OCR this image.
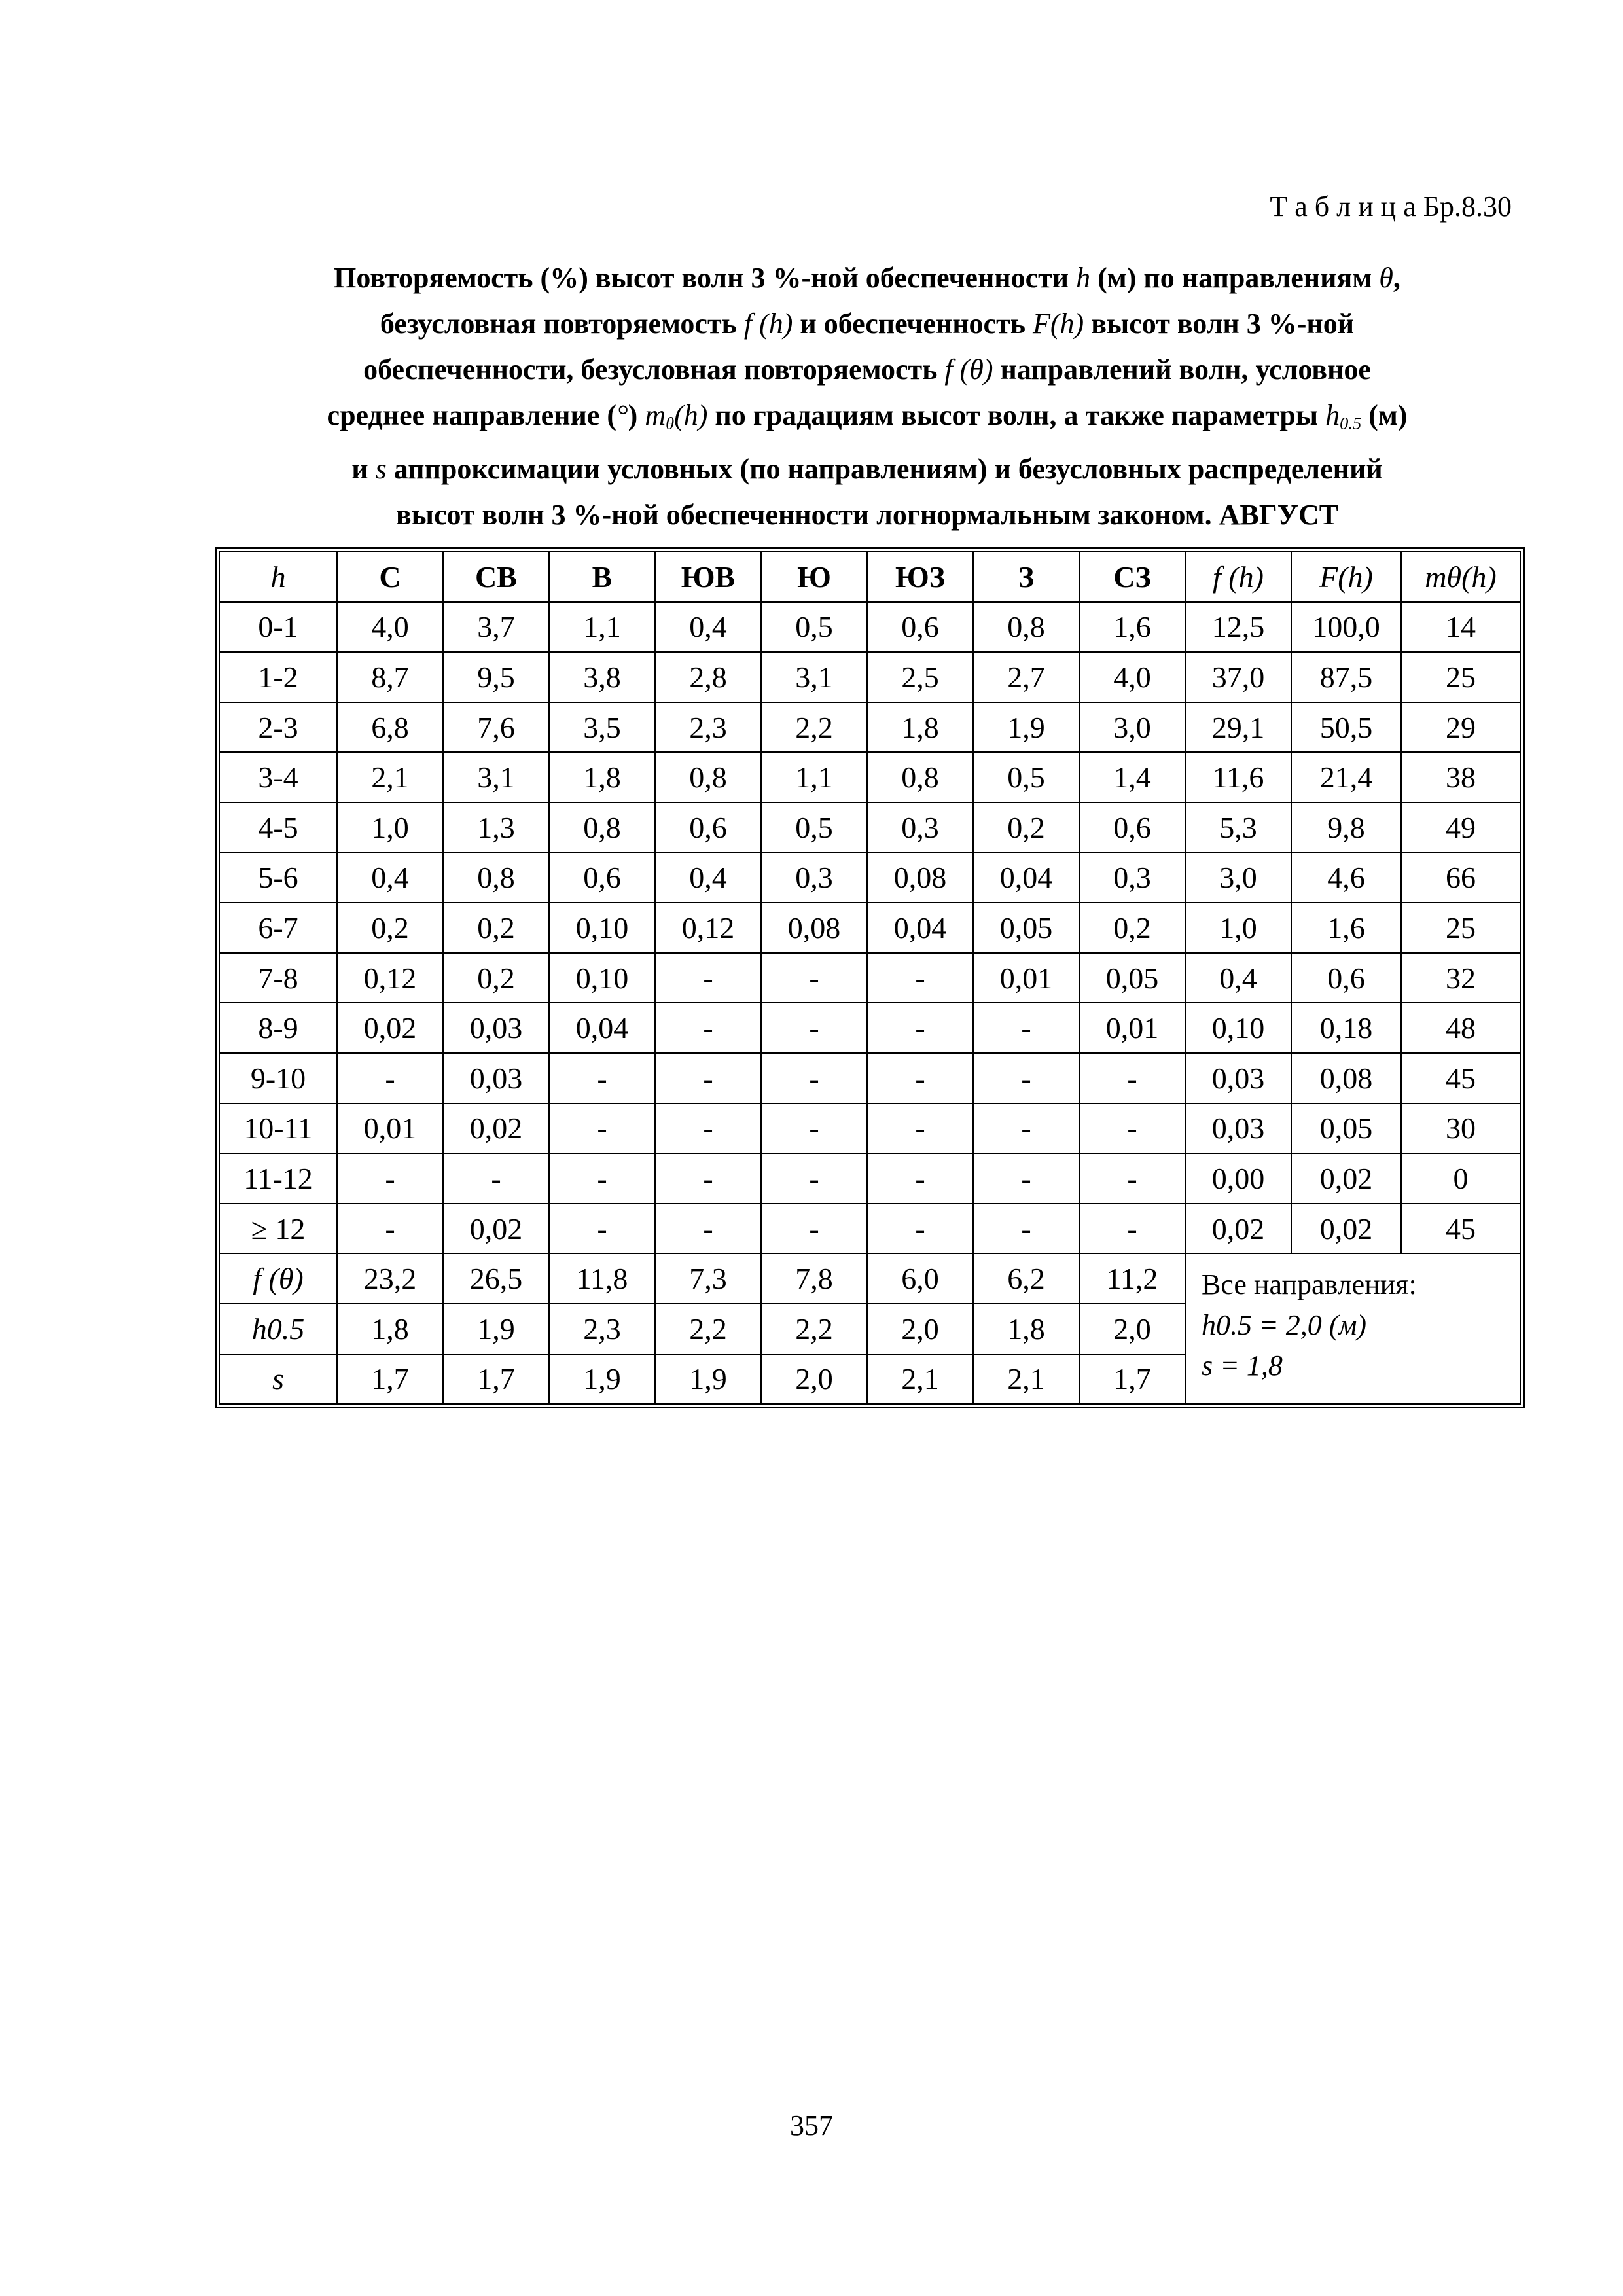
Т а б л и ц а Бр.8.30
Повторяемость (%) высот волн 3 %-ной обеспеченности h (м) по направлениям θ,
безусловная повторяемость f (h) и обеспеченность F(h) высот волн 3 %-ной
обеспеченности, безусловная повторяемость f (θ) направлений волн, условное
среднее направление (°) $m_\theta(h)$ по градациям высот волн, а также параметры $h_{0.5}$ (м)
и s аппроксимации условных (по направлениям) и безусловных распределений
высот волн 3 %-ной обеспеченности логнормальным законом. АВГУСТ
h	С	СВ	В	ЮВ	Ю	ЮЗ	З	СЗ	f (h)	F(h)	mθ(h)
0-1	4,0	3,7	1,1	0,4	0,5	0,6	0,8	1,6	12,5	100,0	14
1-2	8,7	9,5	3,8	2,8	3,1	2,5	2,7	4,0	37,0	87,5	25
2-3	6,8	7,6	3,5	2,3	2,2	1,8	1,9	3,0	29,1	50,5	29
3-4	2,1	3,1	1,8	0,8	1,1	0,8	0,5	1,4	11,6	21,4	38
4-5	1,0	1,3	0,8	0,6	0,5	0,3	0,2	0,6	5,3	9,8	49
5-6	0,4	0,8	0,6	0,4	0,3	0,08	0,04	0,3	3,0	4,6	66
6-7	0,2	0,2	0,10	0,12	0,08	0,04	0,05	0,2	1,0	1,6	25
7-8	0,12	0,2	0,10	-	-	-	0,01	0,05	0,4	0,6	32
8-9	0,02	0,03	0,04	-	-	-	-	0,01	0,10	0,18	48
9-10	-	0,03	-	-	-	-	-	-	0,03	0,08	45
10-11	0,01	0,02	-	-	-	-	-	-	0,03	0,05	30
11-12	-	-	-	-	-	-	-	-	0,00	0,02	0
≥ 12	-	0,02	-	-	-	-	-	-	0,02	0,02	45
f (θ)	23,2	26,5	11,8	7,3	7,8	6,0	6,2	11,2	Все направления:
h0.5 = 2,0 (м)
s = 1,8		

h0.5	1,8	1,9	2,3	2,2	2,2	2,0	1,8	2,0			
s	1,7	1,7	1,9	1,9	2,0	2,1	2,1	1,7			
357
